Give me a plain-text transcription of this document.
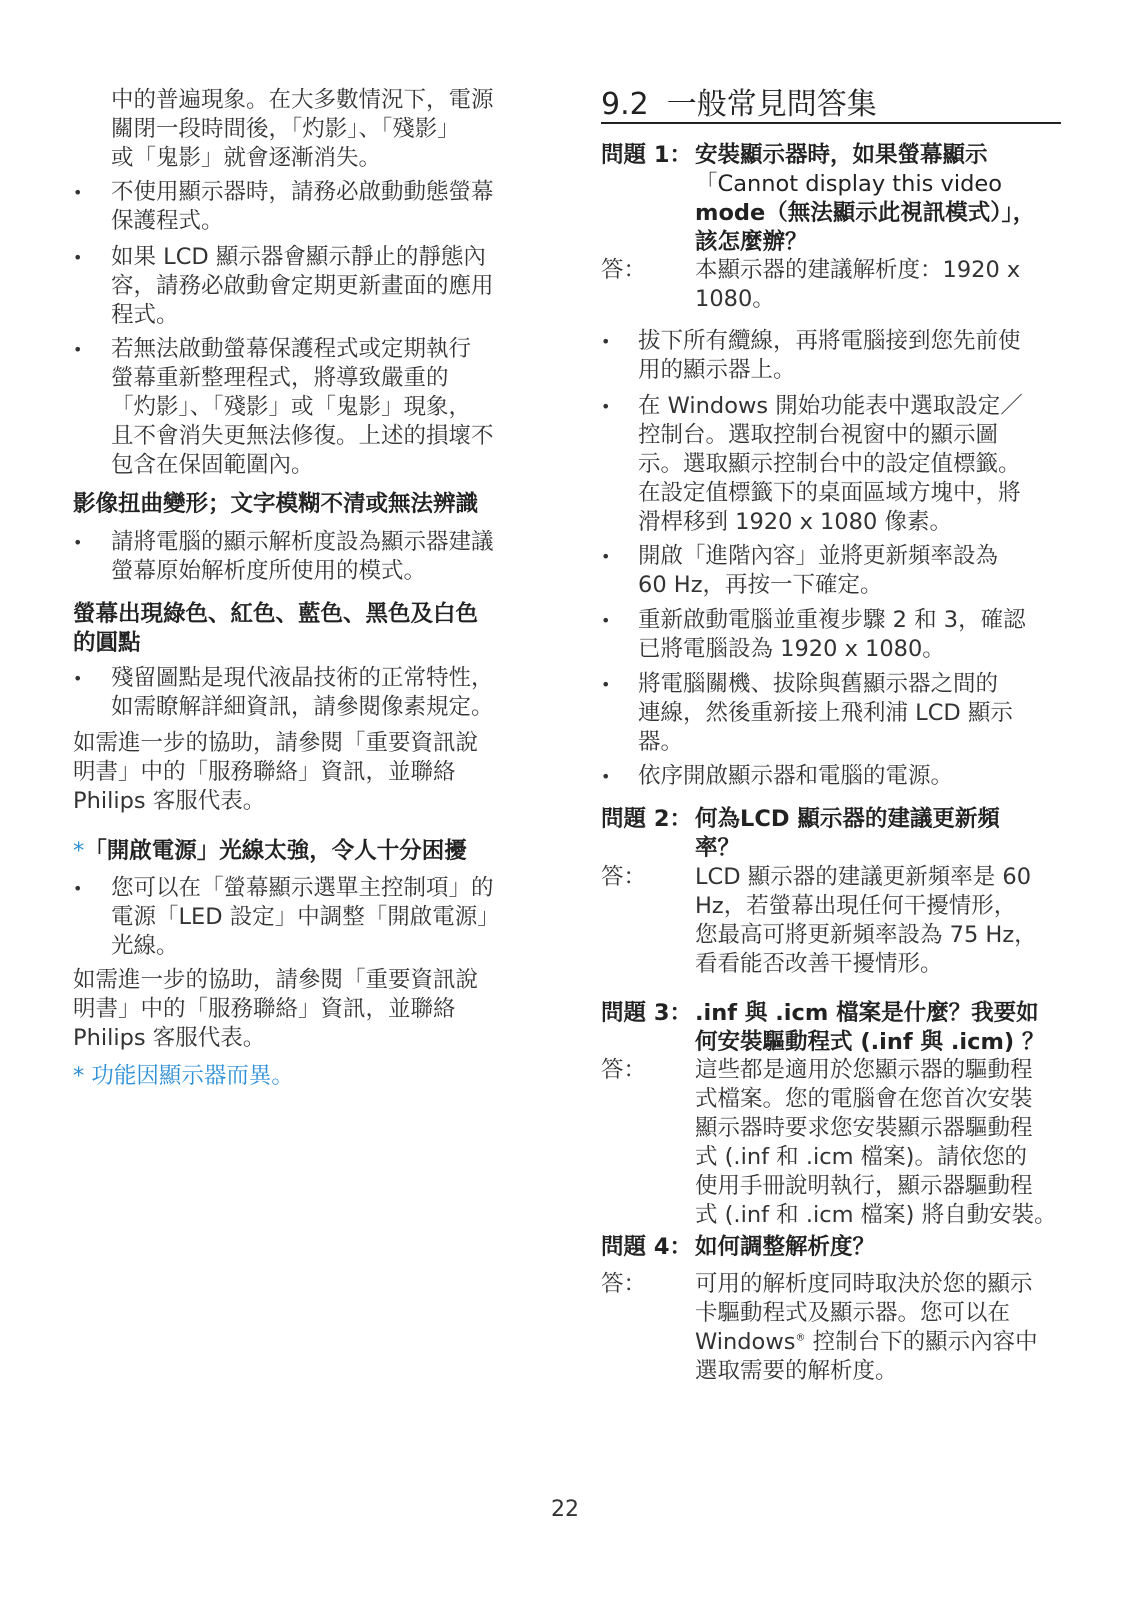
中的普遍現象。在大多數情況下，電源
關閉一段時間後，「灼影」、「殘影」
或「鬼影」就會逐漸消失。
•	不使用顯示器時，請務必啟動動態螢幕
保護程式。
•	如果 LCD 顯示器會顯示靜止的靜態內
容，請務必啟動會定期更新畫面的應用
程式。
•	若無法啟動螢幕保護程式或定期執行
螢幕重新整理程式，將導致嚴重的
「灼影」、「殘影」或「鬼影」現象，
且不會消失更無法修復。上述的損壞不
包含在保固範圍內。
影像扭曲變形；文字模糊不清或無法辨識
•	請將電腦的顯示解析度設為顯示器建議
螢幕原始解析度所使用的模式。
螢幕出現綠色、紅色、藍色、黑色及白色
的圓點
•	殘留圖點是現代液晶技術的正常特性，
如需瞭解詳細資訊，請參閱像素規定。
如需進一步的協助，請參閱「重要資訊說
明書」中的「服務聯絡」資訊，並聯絡
Philips 客服代表。
*「開啟電源」光線太強，令人十分困擾
•	您可以在「螢幕顯示選單主控制項」的
電源「LED 設定」中調整「開啟電源」
光線。
如需進一步的協助，請參閱「重要資訊說
明書」中的「服務聯絡」資訊，並聯絡
Philips 客服代表。
* 功能因顯示器而異。
9.2 一般常見問答集
問題 1： 安裝顯示器時，如果螢幕顯示
「Cannot display this video
mode（無法顯示此視訊模式）」，
該怎麼辦？
答： 本顯示器的建議解析度：1920 x
1080。
• 拔下所有纜線，再將電腦接到您先前使
用的顯示器上。
• 在 Windows 開始功能表中選取設定／
控制台。選取控制台視窗中的顯示圖
示。選取顯示控制台中的設定值標籤。
在設定值標籤下的桌面區域方塊中，將
滑桿移到 1920 x 1080 像素。
• 開啟「進階內容」並將更新頻率設為
60 Hz，再按一下確定。
• 重新啟動電腦並重複步驟 2 和 3，確認
已將電腦設為 1920 x 1080。
• 將電腦關機、拔除與舊顯示器之間的
連線，然後重新接上飛利浦 LCD 顯示
器。
• 依序開啟顯示器和電腦的電源。
問題 2： 何為LCD 顯示器的建議更新頻
率？
答： LCD 顯示器的建議更新頻率是 60
Hz，若螢幕出現任何干擾情形，
您最高可將更新頻率設為 75 Hz，
看看能否改善干擾情形。
問題 3： .inf 與 .icm 檔案是什麼？我要如
何安裝驅動程式 (.inf 與 .icm) ？
答： 這些都是適用於您顯示器的驅動程
式檔案。您的電腦會在您首次安裝
顯示器時要求您安裝顯示器驅動程
式 (.inf 和 .icm 檔案)。請依您的
使用手冊說明執行，顯示器驅動程
式 (.inf 和 .icm 檔案) 將自動安裝。
問題 4： 如何調整解析度？
答： 可用的解析度同時取決於您的顯示
卡驅動程式及顯示器。您可以在
Windows® 控制台下的顯示內容中
選取需要的解析度。
22
